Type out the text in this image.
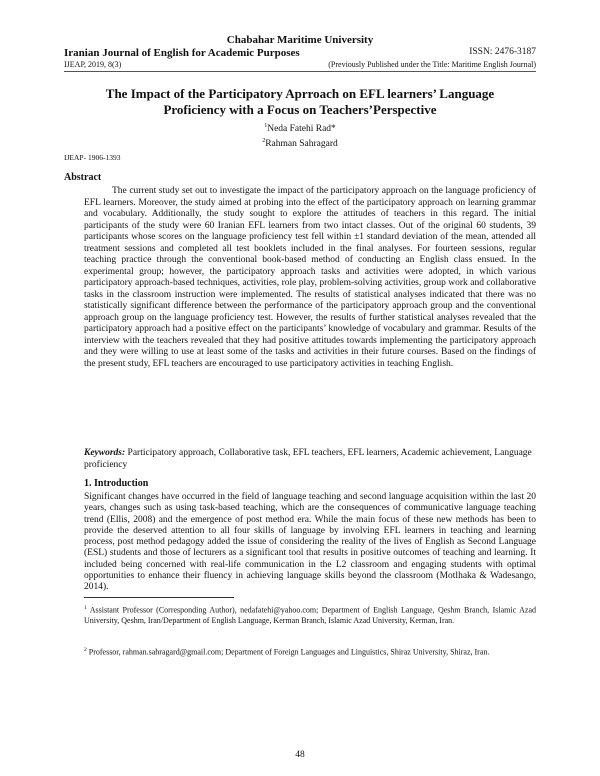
Chabahar Maritime University
Iranian Journal of English for Academic Purposes	ISSN: 2476-3187
IJEAP, 2019, 8(3)	(Previously Published under the Title: Maritime English Journal)
The Impact of the Participatory Aprroach on EFL learners’ Language Proficiency with a Focus on Teachers’Perspective
$^1$Neda Fatehi Rad*
$^2$Rahman Sahragard
IJEAP- 1906-1393
Abstract
The current study set out to investigate the impact of the participatory approach on the language proficiency of EFL learners. Moreover, the study aimed at probing into the effect of the participatory approach on learning grammar and vocabulary. Additionally, the study sought to explore the attitudes of teachers in this regard. The initial participants of the study were 60 Iranian EFL learners from two intact classes. Out of the original 60 students, 39 participants whose scores on the language proficiency test fell within ±1 standard deviation of the mean, attended all treatment sessions and completed all test booklets included in the final analyses. For fourteen sessions, regular teaching practice through the conventional book-based method of conducting an English class ensued. In the experimental group; however, the participatory approach tasks and activities were adopted, in which various participatory approach-based techniques, activities, role play, problem-solving activities, group work and collaborative tasks in the classroom instruction were implemented. The results of statistical analyses indicated that there was no statistically significant difference between the performance of the participatory approach group and the conventional approach group on the language proficiency test. However, the results of further statistical analyses revealed that the participatory approach had a positive effect on the participants’ knowledge of vocabulary and grammar. Results of the interview with the teachers revealed that they had positive attitudes towards implementing the participatory approach and they were willing to use at least some of the tasks and activities in their future courses. Based on the findings of the present study, EFL teachers are encouraged to use participatory activities in teaching English.
Keywords: Participatory approach, Collaborative task, EFL teachers, EFL learners, Academic achievement, Language proficiency
1. Introduction
Significant changes have occurred in the field of language teaching and second language acquisition within the last 20 years, changes such as using task-based teaching, which are the consequences of communicative language teaching trend (Ellis, 2008) and the emergence of post method era. While the main focus of these new methods has been to provide the deserved attention to all four skills of language by involving EFL learners in teaching and learning process, post method pedagogy added the issue of considering the reality of the lives of English as Second Language (ESL) students and those of lecturers as a significant tool that results in positive outcomes of teaching and learning. It included being concerned with real-life communication in the L2 classroom and engaging students with optimal opportunities to enhance their fluency in achieving language skills beyond the classroom (Motlhaka & Wadesango, 2014).
$^1$ Assistant Professor (Corresponding Author), nedafatehi@yahoo.com; Department of English Language, Qeshm Branch, Islamic Azad University, Qeshm, Iran/Department of English Language, Kerman Branch, Islamic Azad University, Kerman, Iran.
$^2$ Professor, rahman.sahragard@gmail.com; Department of Foreign Languages and Linguistics, Shiraz University, Shiraz, Iran.
48
